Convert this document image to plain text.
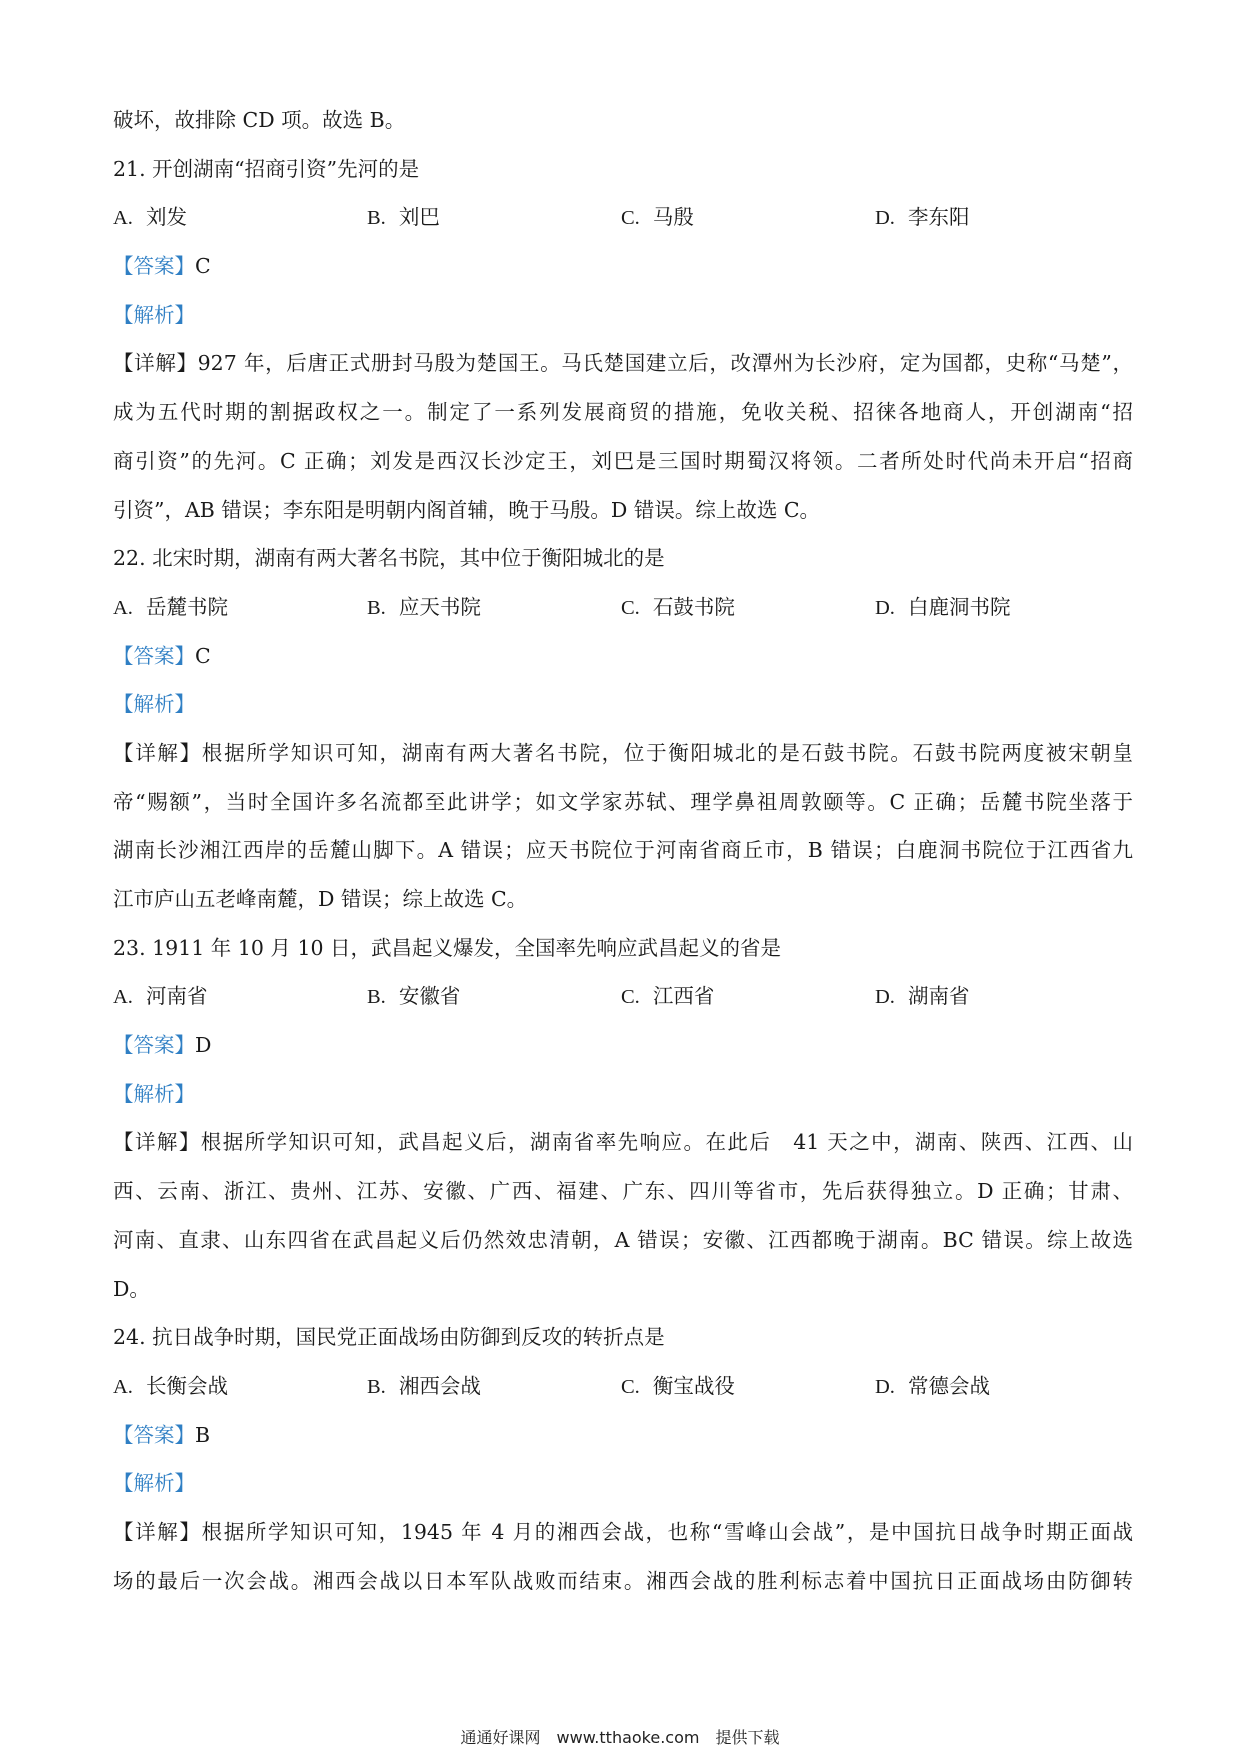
破坏，故排除 CD 项。故选 B。
21. 开创湖南“招商引资”先河的是
A. 刘发	B. 刘巴	C. 马殷	D. 李东阳
【答案】C
【解析】
【详解】927 年，后唐正式册封马殷为楚国王。马氏楚国建立后，改潭州为长沙府，定为国都，史称“马楚”，
成为五代时期的割据政权之一。制定了一系列发展商贸的措施，免收关税、招徕各地商人，开创湖南“招
商引资”的先河。C 正确；刘发是西汉长沙定王，刘巴是三国时期蜀汉将领。二者所处时代尚未开启“招商
引资”，AB 错误；李东阳是明朝内阁首辅，晚于马殷。D 错误。综上故选 C。
22. 北宋时期，湖南有两大著名书院，其中位于衡阳城北的是
A. 岳麓书院	B. 应天书院	C. 石鼓书院	D. 白鹿洞书院
【答案】C
【解析】
【详解】根据所学知识可知，湖南有两大著名书院，位于衡阳城北的是石鼓书院。石鼓书院两度被宋朝皇
帝“赐额”，当时全国许多名流都至此讲学；如文学家苏轼、理学鼻祖周敦颐等。C 正确；岳麓书院坐落于
湖南长沙湘江西岸的岳麓山脚下。A 错误；应天书院位于河南省商丘市，B 错误；白鹿洞书院位于江西省九
江市庐山五老峰南麓，D 错误；综上故选 C。
23. 1911 年 10 月 10 日，武昌起义爆发，全国率先响应武昌起义的省是
A. 河南省	B. 安徽省	C. 江西省	D. 湖南省
【答案】D
【解析】
【详解】根据所学知识可知，武昌起义后，湖南省率先响应。在此后　41 天之中，湖南、陕西、江西、山
西、云南、浙江、贵州、江苏、安徽、广西、福建、广东、四川等省市，先后获得独立。D 正确；甘肃、
河南、直隶、山东四省在武昌起义后仍然效忠清朝，A 错误；安徽、江西都晚于湖南。BC 错误。综上故选
D。
24. 抗日战争时期，国民党正面战场由防御到反攻的转折点是
A. 长衡会战	B. 湘西会战	C. 衡宝战役	D. 常德会战
【答案】B
【解析】
【详解】根据所学知识可知，1945 年 4 月的湘西会战，也称“雪峰山会战”，是中国抗日战争时期正面战
场的最后一次会战。湘西会战以日本军队战败而结束。湘西会战的胜利标志着中国抗日正面战场由防御转
通通好课网　www.tthaoke.com　提供下载
